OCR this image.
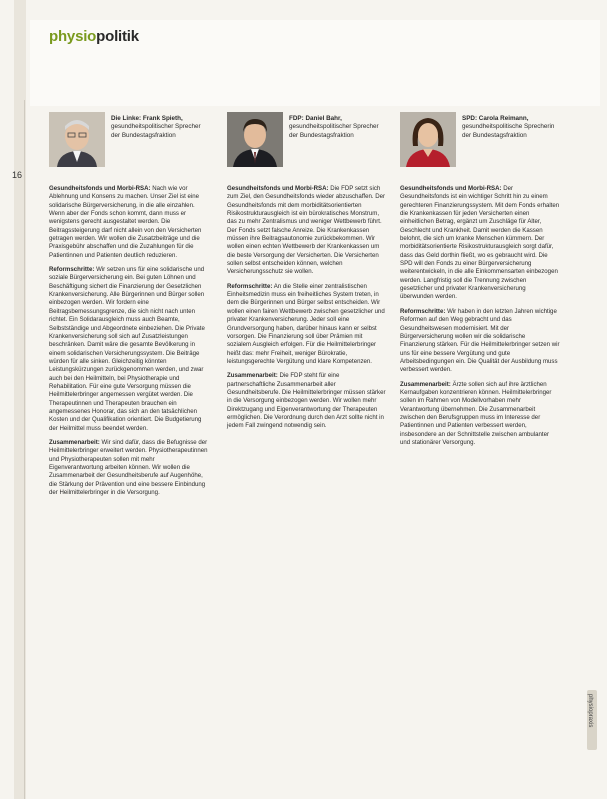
16
physiopolitik
Die Linke: Frank Spieth, gesundheitspolitischer Sprecher der Bundestagsfraktion
Gesundheitsfonds und Morbi-RSA: Nach wie vor Ablehnung und Konsens zu machen. Unser Ziel ist eine solidarische Bürgerversicherung, in die alle einzahlen. Wenn aber der Fonds schon kommt, dann muss er wenigstens gerecht ausgestaltet werden. Die Beitragssteigerung darf nicht allein von den Versicherten getragen werden. Wir wollen die Zusatzbeiträge und die Praxisgebühr abschaffen und die Zuzahlungen für die Patientinnen und Patienten deutlich reduzieren.
Reformschritte: Wir setzen uns für eine solidarische und soziale Bürgerversicherung ein. Bei guten Löhnen und Beschäftigung sichert die Finanzierung der Gesetzlichen Krankenversicherung. Alle Bürgerinnen und Bürger sollen einbezogen werden. Wir fordern eine Beitragsbemessungsgrenze, die sich nicht nach unten richtet. Ein Solidarausgleich muss auch Beamte, Selbstständige und Abgeordnete einbeziehen. Die Private Krankenversicherung soll sich auf Zusatzleistungen beschränken. Damit wäre die gesamte Bevölkerung in einem solidarischen Versicherungssystem. Die Beiträge würden für alle sinken. Gleichzeitig könnten Leistungskürzungen zurückgenommen werden, und zwar auch bei den Heilmitteln, bei Physiotherapie und Rehabilitation. Für eine gute Versorgung müssen die Heilmittelerbringer angemessen vergütet werden. Die Therapeutinnen und Therapeuten brauchen ein angemessenes Honorar, das sich an den tatsächlichen Kosten und der Qualifikation orientiert. Die Budgetierung der Heilmittel muss beendet werden.
Zusammenarbeit: Wir sind dafür, dass die Befugnisse der Heilmittelerbringer erweitert werden. Physiotherapeutinnen und Physiotherapeuten sollen mit mehr Eigenverantwortung arbeiten können. Wir wollen die Zusammenarbeit der Gesundheitsberufe auf Augenhöhe, die Stärkung der Prävention und eine bessere Einbindung der Heilmittelerbringer in die Versorgung.
FDP: Daniel Bahr, gesundheitspolitischer Sprecher der Bundestagsfraktion
Gesundheitsfonds und Morbi-RSA: Die FDP setzt sich zum Ziel, den Gesundheitsfonds wieder abzuschaffen. Der Gesundheitsfonds mit dem morbiditätsorientierten Risikostrukturausgleich ist ein bürokratisches Monstrum, das zu mehr Zentralismus und weniger Wettbewerb führt. Der Fonds setzt falsche Anreize. Die Krankenkassen müssen ihre Beitragsautonomie zurückbekommen. Wir wollen einen echten Wettbewerb der Krankenkassen um die beste Versorgung der Versicherten. Die Versicherten sollen selbst entscheiden können, welchen Versicherungsschutz sie wollen.
Reformschritte: An die Stelle einer zentralistischen Einheitsmedizin muss ein freiheitliches System treten, in dem die Bürgerinnen und Bürger selbst entscheiden. Wir wollen einen fairen Wettbewerb zwischen gesetzlicher und privater Krankenversicherung. Jeder soll eine Grundversorgung haben, darüber hinaus kann er selbst vorsorgen. Die Finanzierung soll über Prämien mit sozialem Ausgleich erfolgen. Für die Heilmittelerbringer heißt das: mehr Freiheit, weniger Bürokratie, leistungsgerechte Vergütung und klare Kompetenzen.
Zusammenarbeit: Die FDP steht für eine partnerschaftliche Zusammenarbeit aller Gesundheitsberufe. Die Heilmittelerbringer müssen stärker in die Versorgung einbezogen werden. Wir wollen mehr Direktzugang und Eigenverantwortung der Therapeuten ermöglichen. Die Verordnung durch den Arzt sollte nicht in jedem Fall zwingend notwendig sein.
SPD: Carola Reimann, gesundheitspolitische Sprecherin der Bundestagsfraktion
Gesundheitsfonds und Morbi-RSA: Der Gesundheitsfonds ist ein wichtiger Schritt hin zu einem gerechteren Finanzierungssystem. Mit dem Fonds erhalten die Krankenkassen für jeden Versicherten einen einheitlichen Betrag, ergänzt um Zuschläge für Alter, Geschlecht und Krankheit. Damit werden die Kassen belohnt, die sich um kranke Menschen kümmern. Der morbiditätsorientierte Risikostrukturausgleich sorgt dafür, dass das Geld dorthin fließt, wo es gebraucht wird. Die SPD will den Fonds zu einer Bürgerversicherung weiterentwickeln, in die alle Einkommensarten einbezogen werden. Langfristig soll die Trennung zwischen gesetzlicher und privater Krankenversicherung überwunden werden.
Reformschritte: Wir haben in den letzten Jahren wichtige Reformen auf den Weg gebracht und das Gesundheitswesen modernisiert. Mit der Bürgerversicherung wollen wir die solidarische Finanzierung stärken. Für die Heilmittelerbringer setzen wir uns für eine bessere Vergütung und gute Arbeitsbedingungen ein. Die Qualität der Ausbildung muss verbessert werden.
Zusammenarbeit: Ärzte sollen sich auf ihre ärztlichen Kernaufgaben konzentrieren können. Heilmittelerbringer sollen im Rahmen von Modellvorhaben mehr Verantwortung übernehmen. Die Zusammenarbeit zwischen den Berufsgruppen muss im Interesse der Patientinnen und Patienten verbessert werden, insbesondere an der Schnittstelle zwischen ambulanter und stationärer Versorgung.
physiopraxis
